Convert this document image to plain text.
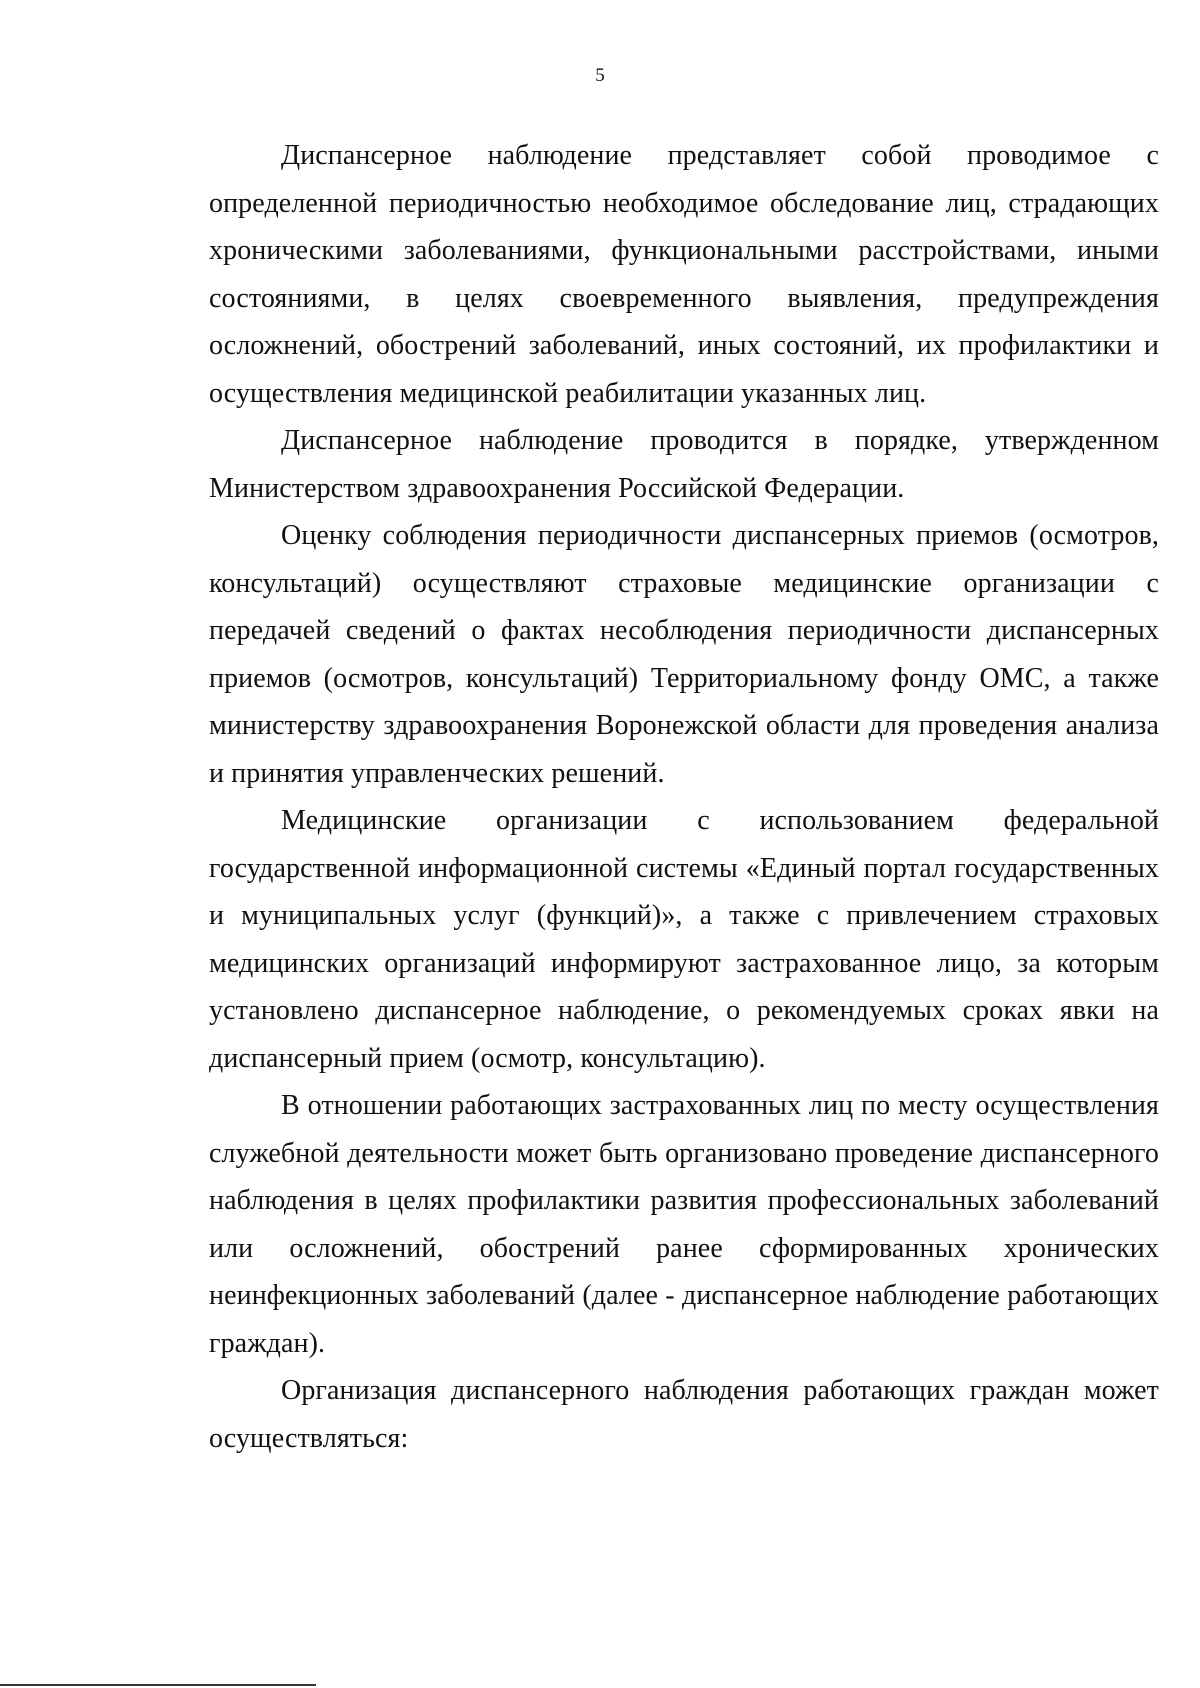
5

Диспансерное наблюдение представляет собой проводимое с определенной периодичностью необходимое обследование лиц, страдающих хроническими заболеваниями, функциональными расстройствами, иными состояниями, в целях своевременного выявления, предупреждения осложнений, обострений заболеваний, иных состояний, их профилактики и осуществления медицинской реабилитации указанных лиц.

Диспансерное наблюдение проводится в порядке, утвержденном Министерством здравоохранения Российской Федерации.

Оценку соблюдения периодичности диспансерных приемов (осмотров, консультаций) осуществляют страховые медицинские организации с передачей сведений о фактах несоблюдения периодичности диспансерных приемов (осмотров, консультаций) Территориальному фонду ОМС, а также министерству здравоохранения Воронежской области для проведения анализа и принятия управленческих решений.

Медицинские организации с использованием федеральной государственной информационной системы «Единый портал государственных и муниципальных услуг (функций)», а также с привлечением страховых медицинских организаций информируют застрахованное лицо, за которым установлено диспансерное наблюдение, о рекомендуемых сроках явки на диспансерный прием (осмотр, консультацию).

В отношении работающих застрахованных лиц по месту осуществления служебной деятельности может быть организовано проведение диспансерного наблюдения в целях профилактики развития профессиональных заболеваний или осложнений, обострений ранее сформированных хронических неинфекционных заболеваний (далее - диспансерное наблюдение работающих граждан).

Организация диспансерного наблюдения работающих граждан может осуществляться:
